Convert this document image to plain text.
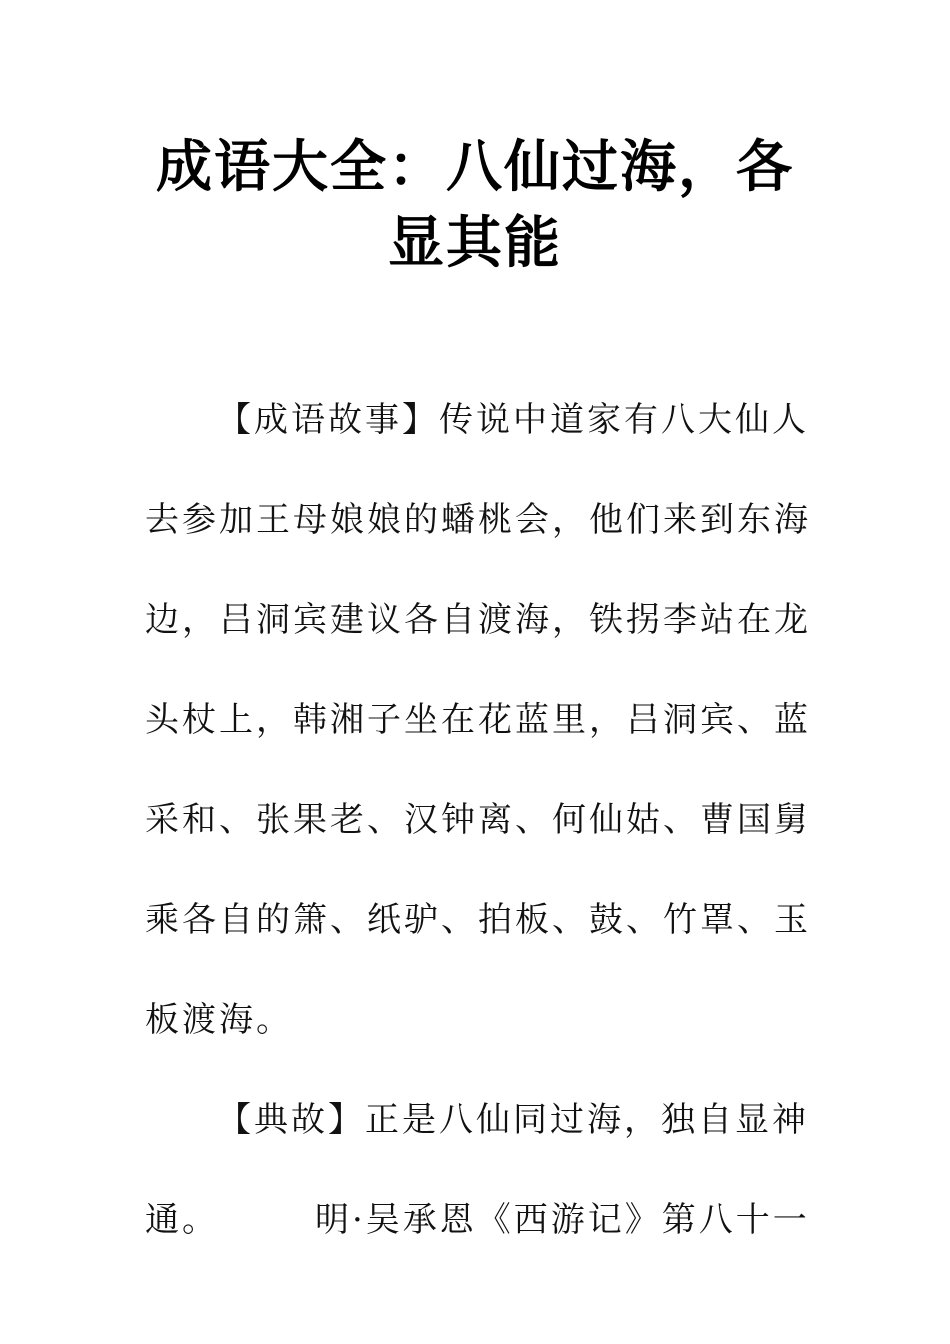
成语大全：八仙过海，各
显其能

【成语故事】传说中道家有八大仙人
去参加王母娘娘的蟠桃会，他们来到东海
边，吕洞宾建议各自渡海，铁拐李站在龙
头杖上，韩湘子坐在花蓝里，吕洞宾、蓝
采和、张果老、汉钟离、何仙姑、曹国舅
乘各自的箫、纸驴、拍板、鼓、竹罩、玉
板渡海。

【典故】正是八仙同过海，独自显神
通。	明·吴承恩《西游记》第八十一
